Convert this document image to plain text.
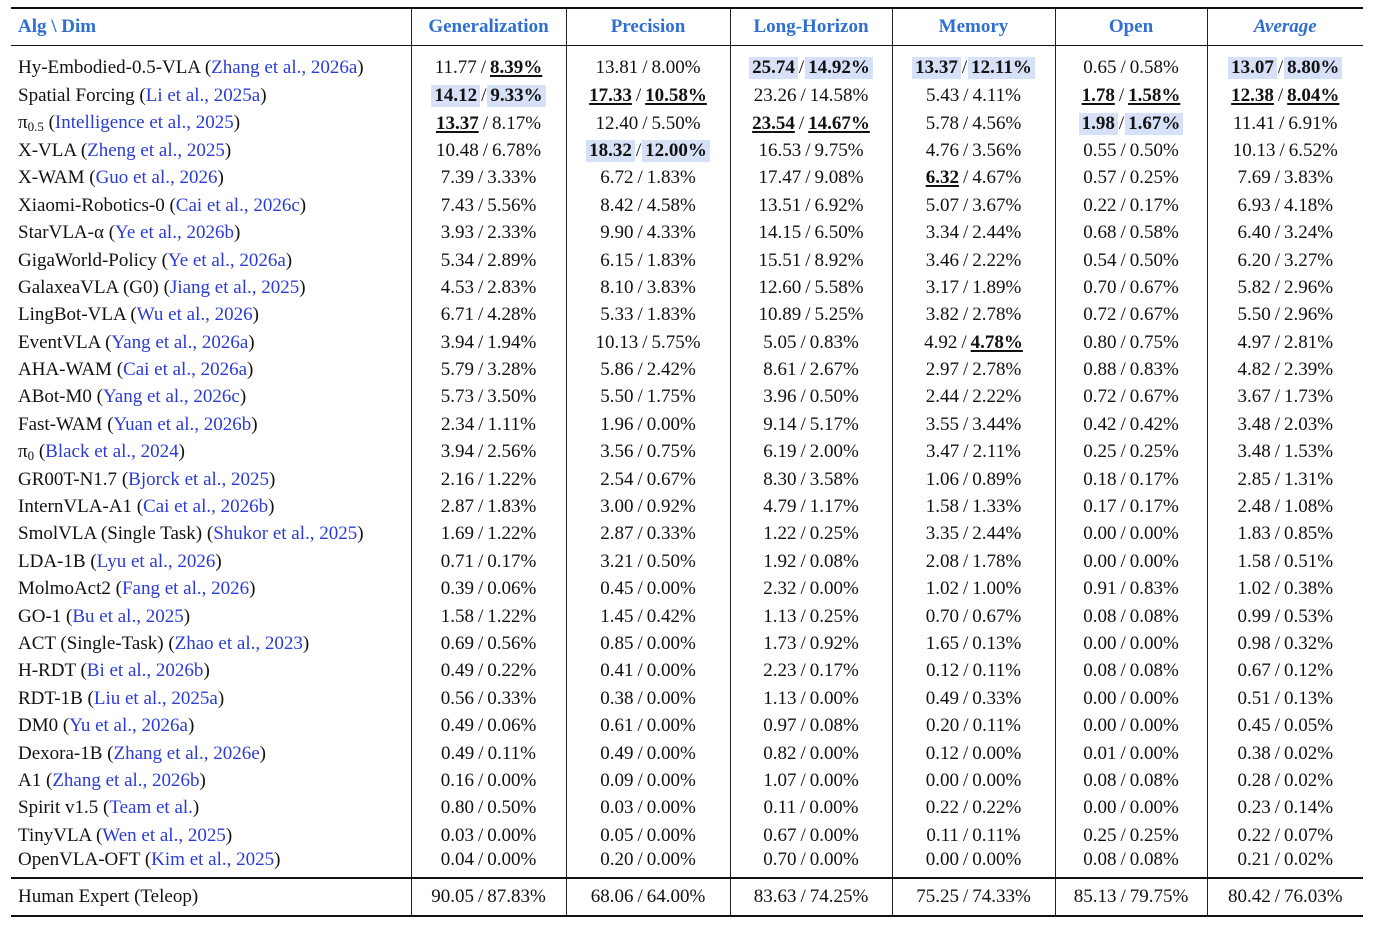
Alg \ Dim	Generalization	Precision	Long-Horizon	Memory	Open	Average
Hy-Embodied-0.5-VLA (Zhang et al., 2026a)	11.77 / 8.39%	13.81 / 8.00%	25.74 / 14.92%	13.37 / 12.11%	0.65 / 0.58%	13.07 / 8.80%
Spatial Forcing (Li et al., 2025a)	14.12 / 9.33%	17.33 / 10.58%	23.26 / 14.58%	5.43 / 4.11%	1.78 / 1.58%	12.38 / 8.04%
$\pi_{0.5}$ (Intelligence et al., 2025)	13.37 / 8.17%	12.40 / 5.50%	23.54 / 14.67%	5.78 / 4.56%	1.98 / 1.67%	11.41 / 6.91%
X-VLA (Zheng et al., 2025)	10.48 / 6.78%	18.32 / 12.00%	16.53 / 9.75%	4.76 / 3.56%	0.55 / 0.50%	10.13 / 6.52%
X-WAM (Guo et al., 2026)	7.39 / 3.33%	6.72 / 1.83%	17.47 / 9.08%	6.32 / 4.67%	0.57 / 0.25%	7.69 / 3.83%
Xiaomi-Robotics-0 (Cai et al., 2026c)	7.43 / 5.56%	8.42 / 4.58%	13.51 / 6.92%	5.07 / 3.67%	0.22 / 0.17%	6.93 / 4.18%
StarVLA-α (Ye et al., 2026b)	3.93 / 2.33%	9.90 / 4.33%	14.15 / 6.50%	3.34 / 2.44%	0.68 / 0.58%	6.40 / 3.24%
GigaWorld-Policy (Ye et al., 2026a)	5.34 / 2.89%	6.15 / 1.83%	15.51 / 8.92%	3.46 / 2.22%	0.54 / 0.50%	6.20 / 3.27%
GalaxeaVLA (G0) (Jiang et al., 2025)	4.53 / 2.83%	8.10 / 3.83%	12.60 / 5.58%	3.17 / 1.89%	0.70 / 0.67%	5.82 / 2.96%
LingBot-VLA (Wu et al., 2026)	6.71 / 4.28%	5.33 / 1.83%	10.89 / 5.25%	3.82 / 2.78%	0.72 / 0.67%	5.50 / 2.96%
EventVLA (Yang et al., 2026a)	3.94 / 1.94%	10.13 / 5.75%	5.05 / 0.83%	4.92 / 4.78%	0.80 / 0.75%	4.97 / 2.81%
AHA-WAM (Cai et al., 2026a)	5.79 / 3.28%	5.86 / 2.42%	8.61 / 2.67%	2.97 / 2.78%	0.88 / 0.83%	4.82 / 2.39%
ABot-M0 (Yang et al., 2026c)	5.73 / 3.50%	5.50 / 1.75%	3.96 / 0.50%	2.44 / 2.22%	0.72 / 0.67%	3.67 / 1.73%
Fast-WAM (Yuan et al., 2026b)	2.34 / 1.11%	1.96 / 0.00%	9.14 / 5.17%	3.55 / 3.44%	0.42 / 0.42%	3.48 / 2.03%
$\pi_0$ (Black et al., 2024)	3.94 / 2.56%	3.56 / 0.75%	6.19 / 2.00%	3.47 / 2.11%	0.25 / 0.25%	3.48 / 1.53%
GR00T-N1.7 (Bjorck et al., 2025)	2.16 / 1.22%	2.54 / 0.67%	8.30 / 3.58%	1.06 / 0.89%	0.18 / 0.17%	2.85 / 1.31%
InternVLA-A1 (Cai et al., 2026b)	2.87 / 1.83%	3.00 / 0.92%	4.79 / 1.17%	1.58 / 1.33%	0.17 / 0.17%	2.48 / 1.08%
SmolVLA (Single Task) (Shukor et al., 2025)	1.69 / 1.22%	2.87 / 0.33%	1.22 / 0.25%	3.35 / 2.44%	0.00 / 0.00%	1.83 / 0.85%
LDA-1B (Lyu et al., 2026)	0.71 / 0.17%	3.21 / 0.50%	1.92 / 0.08%	2.08 / 1.78%	0.00 / 0.00%	1.58 / 0.51%
MolmoAct2 (Fang et al., 2026)	0.39 / 0.06%	0.45 / 0.00%	2.32 / 0.00%	1.02 / 1.00%	0.91 / 0.83%	1.02 / 0.38%
GO-1 (Bu et al., 2025)	1.58 / 1.22%	1.45 / 0.42%	1.13 / 0.25%	0.70 / 0.67%	0.08 / 0.08%	0.99 / 0.53%
ACT (Single-Task) (Zhao et al., 2023)	0.69 / 0.56%	0.85 / 0.00%	1.73 / 0.92%	1.65 / 0.13%	0.00 / 0.00%	0.98 / 0.32%
H-RDT (Bi et al., 2026b)	0.49 / 0.22%	0.41 / 0.00%	2.23 / 0.17%	0.12 / 0.11%	0.08 / 0.08%	0.67 / 0.12%
RDT-1B (Liu et al., 2025a)	0.56 / 0.33%	0.38 / 0.00%	1.13 / 0.00%	0.49 / 0.33%	0.00 / 0.00%	0.51 / 0.13%
DM0 (Yu et al., 2026a)	0.49 / 0.06%	0.61 / 0.00%	0.97 / 0.08%	0.20 / 0.11%	0.00 / 0.00%	0.45 / 0.05%
Dexora-1B (Zhang et al., 2026e)	0.49 / 0.11%	0.49 / 0.00%	0.82 / 0.00%	0.12 / 0.00%	0.01 / 0.00%	0.38 / 0.02%
A1 (Zhang et al., 2026b)	0.16 / 0.00%	0.09 / 0.00%	1.07 / 0.00%	0.00 / 0.00%	0.08 / 0.08%	0.28 / 0.02%
Spirit v1.5 (Team et al.)	0.80 / 0.50%	0.03 / 0.00%	0.11 / 0.00%	0.22 / 0.22%	0.00 / 0.00%	0.23 / 0.14%
TinyVLA (Wen et al., 2025)	0.03 / 0.00%	0.05 / 0.00%	0.67 / 0.00%	0.11 / 0.11%	0.25 / 0.25%	0.22 / 0.07%
OpenVLA-OFT (Kim et al., 2025)	0.04 / 0.00%	0.20 / 0.00%	0.70 / 0.00%	0.00 / 0.00%	0.08 / 0.08%	0.21 / 0.02%
Human Expert (Teleop)	90.05 / 87.83%	68.06 / 64.00%	83.63 / 74.25%	75.25 / 74.33%	85.13 / 79.75%	80.42 / 76.03%
